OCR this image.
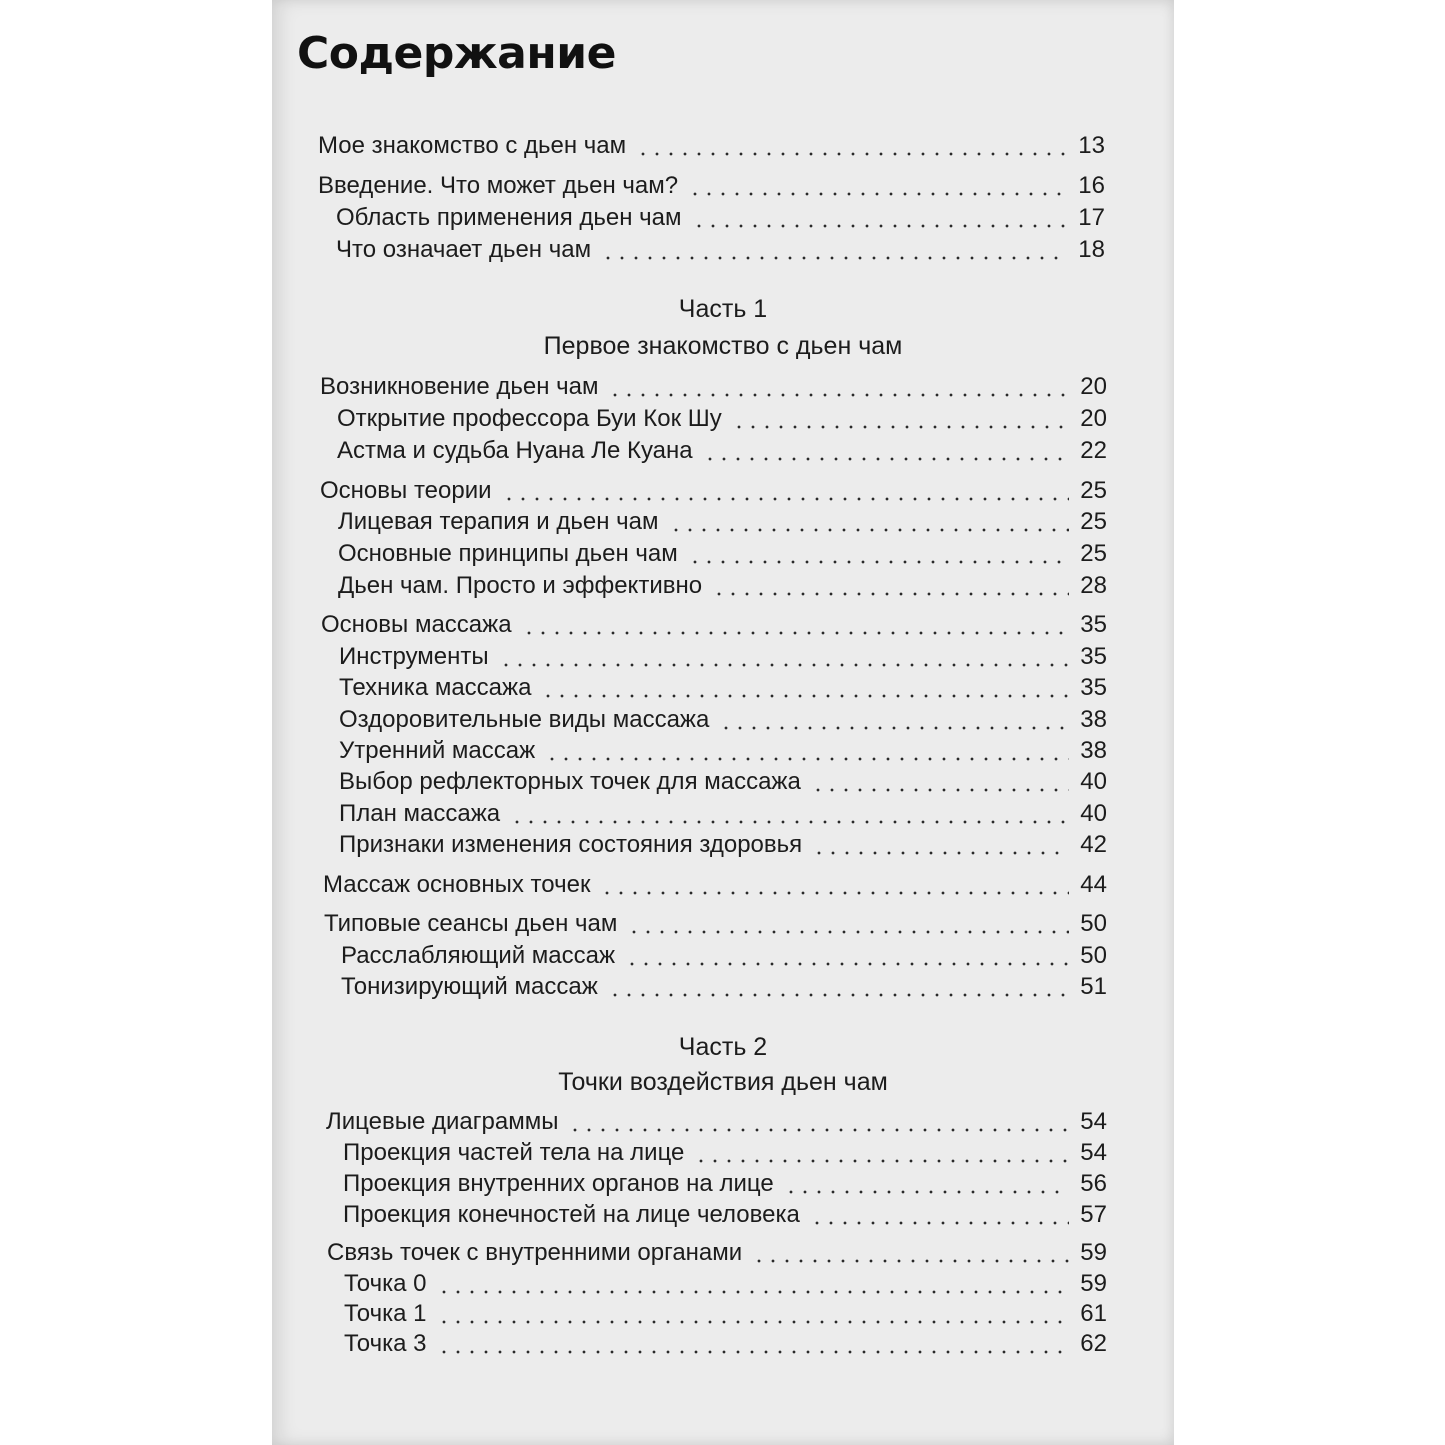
Содержание
Мое знакомство с дьен чам	13
Введение. Что может дьен чам?	16
Область применения дьен чам	17
Что означает дьен чам	18
Часть 1
Первое знакомство с дьен чам
Возникновение дьен чам	20
Открытие профессора Буи Кок Шу	20
Астма и судьба Нуана Ле Куана	22
Основы теории	25
Лицевая терапия и дьен чам	25
Основные принципы дьен чам	25
Дьен чам. Просто и эффективно	28
Основы массажа	35
Инструменты	35
Техника массажа	35
Оздоровительные виды массажа	38
Утренний массаж	38
Выбор рефлекторных точек для массажа	40
План массажа	40
Признаки изменения состояния здоровья	42
Массаж основных точек	44
Типовые сеансы дьен чам	50
Расслабляющий массаж	50
Тонизирующий массаж	51
Часть 2
Точки воздействия дьен чам
Лицевые диаграммы	54
Проекция частей тела на лице	54
Проекция внутренних органов на лице	56
Проекция конечностей на лице человека	57
Связь точек с внутренними органами	59
Точка 0	59
Точка 1	61
Точка 3	62
